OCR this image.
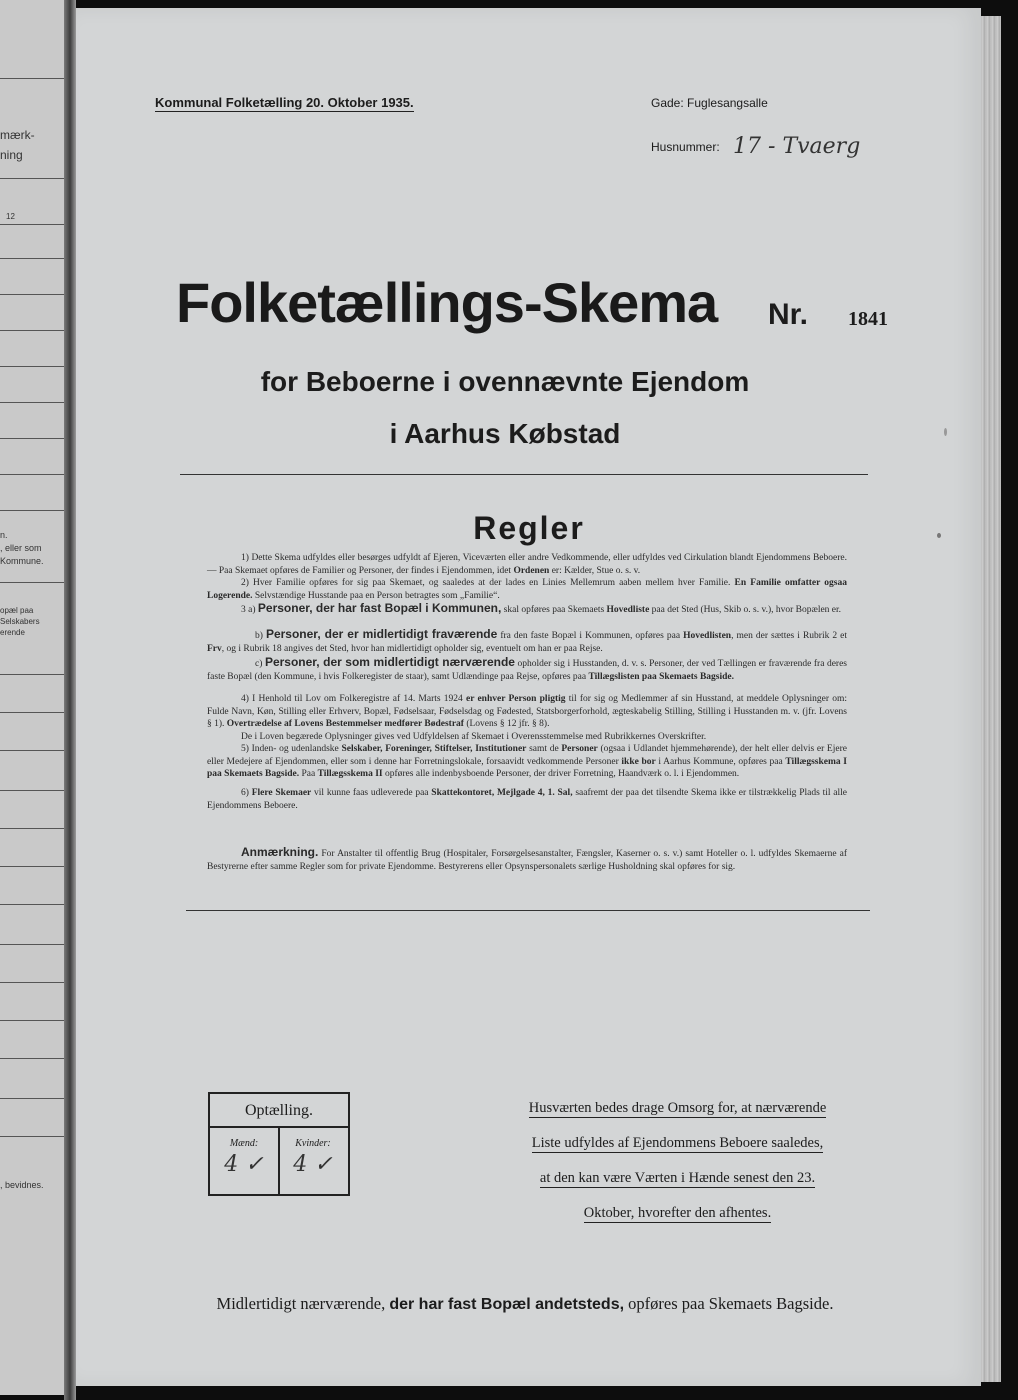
mærk-
ning
12
n.
, eller som
Kommune.
opæl paa
Selskabers
erende
, bevidnes.
Kommunal Folketælling 20. Oktober 1935.	Gade: Fuglesangsalle
Husnummer: 17 - Tvaerg
Folketællings-Skema Nr. 1841
for Beboerne i ovennævnte Ejendom
i Aarhus Købstad
Regler
1) Dette Skema udfyldes eller besørges udfyldt af Ejeren, Viceværten eller andre Vedkommende, eller udfyldes ved Cirkulation blandt Ejendommens Beboere. — Paa Skemaet opføres de Familier og Personer, der findes i Ejendommen, idet Ordenen er: Kælder, Stue o. s. v.
2) Hver Familie opføres for sig paa Skemaet, og saaledes at der lades en Linies Mellemrum aaben mellem hver Familie. En Familie omfatter ogsaa Logerende. Selvstændige Husstande paa en Person betragtes som „Familie“.
3 a) Personer, der har fast Bopæl i Kommunen, skal opføres paa Skemaets Hovedliste paa det Sted (Hus, Skib o. s. v.), hvor Bopælen er.
b) Personer, der er midlertidigt fraværende fra den faste Bopæl i Kommunen, opføres paa Hovedlisten, men der sættes i Rubrik 2 et Frv, og i Rubrik 18 angives det Sted, hvor han midlertidigt opholder sig, eventuelt om han er paa Rejse.
c) Personer, der som midlertidigt nærværende opholder sig i Husstanden, d. v. s. Personer, der ved Tællingen er fraværende fra deres faste Bopæl (den Kommune, i hvis Folkeregister de staar), samt Udlændinge paa Rejse, opføres paa Tillægslisten paa Skemaets Bagside.
4) I Henhold til Lov om Folkeregistre af 14. Marts 1924 er enhver Person pligtig til for sig og Medlemmer af sin Husstand, at meddele Oplysninger om: Fulde Navn, Køn, Stilling eller Erhverv, Bopæl, Fødselsaar, Fødselsdag og Fødested, Statsborgerforhold, ægteskabelig Stilling, Stilling i Husstanden m. v. (jfr. Lovens § 1). Overtrædelse af Lovens Bestemmelser medfører Bødestraf (Lovens § 12 jfr. § 8).
De i Loven begærede Oplysninger gives ved Udfyldelsen af Skemaet i Overensstemmelse med Rubrikkernes Overskrifter.
5) Inden- og udenlandske Selskaber, Foreninger, Stiftelser, Institutioner samt de Personer (ogsaa i Udlandet hjemmehørende), der helt eller delvis er Ejere eller Medejere af Ejendommen, eller som i denne har Forretningslokale, forsaavidt vedkommende Personer ikke bor i Aarhus Kommune, opføres paa Tillægsskema I paa Skemaets Bagside. Paa Tillægsskema II opføres alle indenbysboende Personer, der driver Forretning, Haandværk o. l. i Ejendommen.
6) Flere Skemaer vil kunne faas udleverede paa Skattekontoret, Mejlgade 4, 1. Sal, saafremt der paa det tilsendte Skema ikke er tilstrækkelig Plads til alle Ejendommens Beboere.
Anmærkning. For Anstalter til offentlig Brug (Hospitaler, Forsørgelsesanstalter, Fængsler, Kaserner o. s. v.) samt Hoteller o. l. udfyldes Skemaerne af Bestyrerne efter samme Regler som for private Ejendomme. Bestyrerens eller Opsynspersonalets særlige Husholdning skal opføres for sig.
Optælling.
Mænd:	Kvinder:
4 ✓	4 ✓
Husværten bedes drage Omsorg for, at nærværende
Liste udfyldes af Ejendommens Beboere saaledes,
at den kan være Værten i Hænde senest den 23.
Oktober, hvorefter den afhentes.
Midlertidigt nærværende, der har fast Bopæl andetsteds, opføres paa Skemaets Bagside.
